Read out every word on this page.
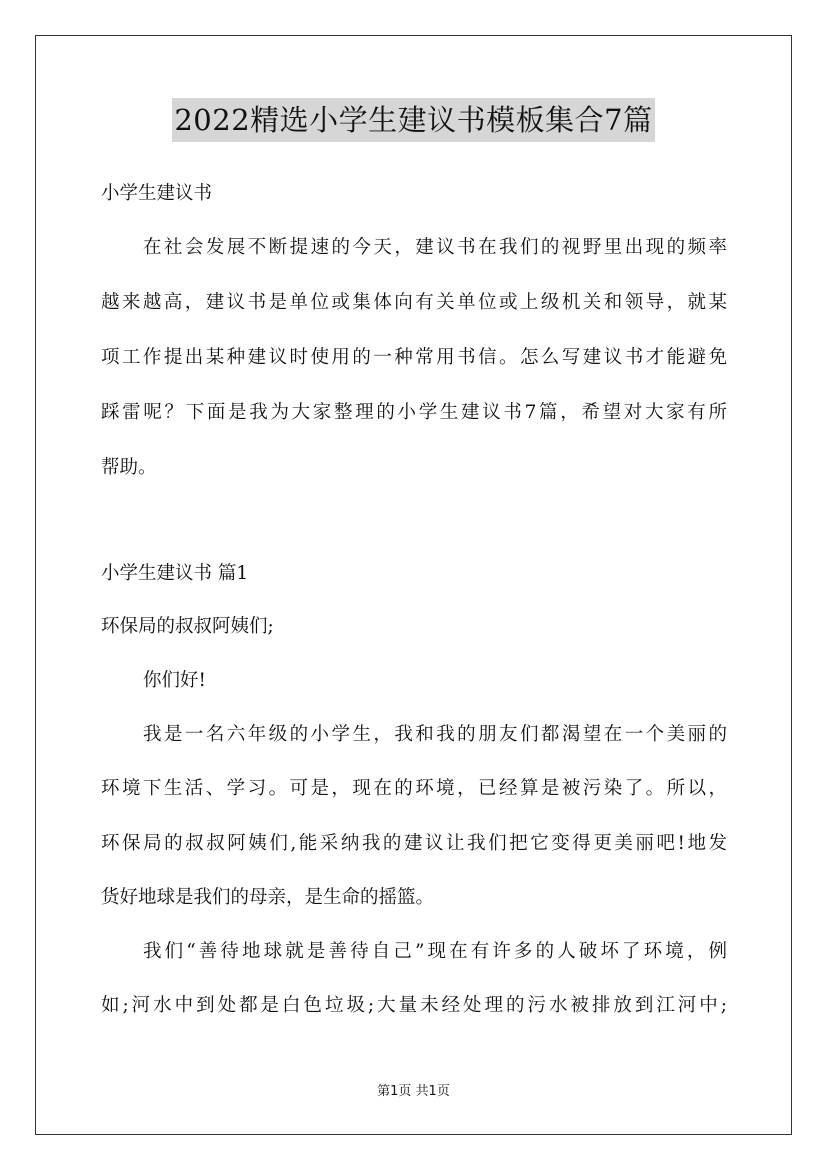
2022精选小学生建议书模板集合7篇
小学生建议书
在社会发展不断提速的今天，建议书在我们的视野里出现的频率
越来越高，建议书是单位或集体向有关单位或上级机关和领导，就某
项工作提出某种建议时使用的一种常用书信。怎么写建议书才能避免
踩雷呢？下面是我为大家整理的小学生建议书7篇，希望对大家有所
帮助。
小学生建议书 篇1
环保局的叔叔阿姨们;
你们好!
我是一名六年级的小学生，我和我的朋友们都渴望在一个美丽的
环境下生活、学习。可是，现在的环境，已经算是被污染了。所以，
环保局的叔叔阿姨们,能采纳我的建议让我们把它变得更美丽吧!地发
货好地球是我们的母亲，是生命的摇篮。
我们“善待地球就是善待自己”现在有许多的人破坏了环境，例
如;河水中到处都是白色垃圾;大量未经处理的污水被排放到江河中;
第1页 共1页
